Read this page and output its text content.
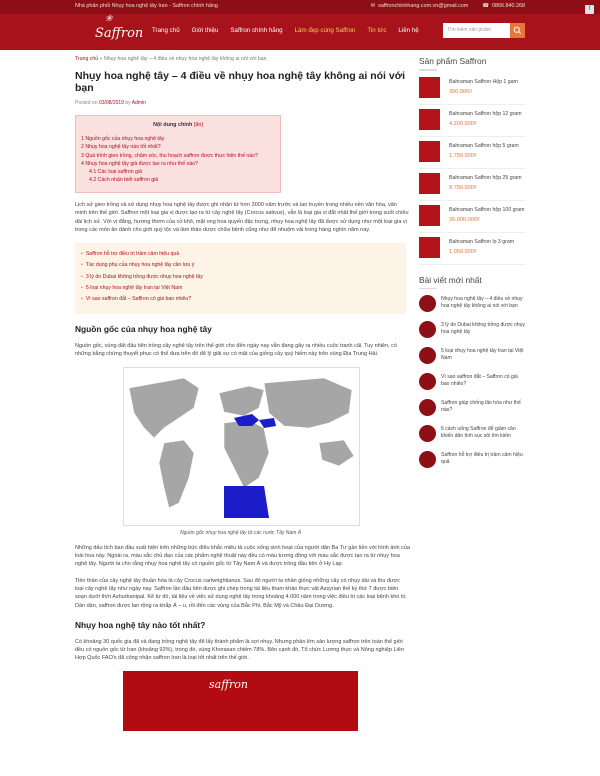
Nhà phân phối Nhụy hoa nghệ tây Iran - Saffron chính hãng	✉ saffronchinhhang.com.vn@gmail.com	☎ 0866.840.268	f
❀
Saffron Trang chủ Giới thiệu Saffron chính hãng Làm đẹp cùng Saffron Tin tức Liên hệ	Tìm kiếm sản phẩm
Trang chủ » Nhụy hoa nghệ tây – 4 điều về nhụy hoa nghệ tây không ai nói với bạn
Nhụy hoa nghệ tây – 4 điều về nhụy hoa nghệ tây không ai nói với bạn
Posted on 03/08/2019 by Admin
Nội dung chính [ẩn]
1 Nguồn gốc của nhụy hoa nghệ tây
2 Nhụy hoa nghệ tây nào tốt nhất?
3 Quá trình gieo trồng, chăm sóc, thu hoạch saffron được thực hiện thế nào?
4 Nhụy hoa nghệ tây giả được tạo ra như thế nào?
4.1 Các loại saffron giả
4.2 Cách nhận biết saffron giả

Lịch sử gieo trồng và sử dụng nhụy hoa nghệ tây được ghi nhận từ hơn 3000 năm trước và lan truyền trong nhiều nền văn hóa, văn minh trên thế giới. Saffron một loại gia vị được tạo ra từ cây nghệ tây (Crocus sativus), vẫn là loại gia vị đắt nhất thế giới trong suốt chiều dài lịch sử. Với vị đắng, hương thơm của cỏ khô, mặt ong hoa quyến đặc trưng, nhụy hoa nghệ tây đã được sử dụng như một loại gia vị trong các món ăn dành cho giới quý tộc và làm thảo dược chữa bệnh cũng như để nhuộm vải trong hàng nghìn năm nay.

▪ Saffron hỗ trợ điều trị trầm cảm hiệu quả
▪ Tác dụng phụ của nhụy hoa nghệ tây cần lưu ý
▪ 3 lý do Dubai không trồng được nhụy hoa nghệ tây
▪ 5 loại nhụy hoa nghệ tây Iran tại Việt Nam
▪ Vì sao saffron đắt – Saffron có giá bao nhiêu?
Nguồn gốc của nhụy hoa nghệ tây

Nguồn gốc, vùng đất đầu tiên trồng cây nghệ tây trên thế giới cho đến ngày nay vẫn đang gây ra nhiều cuộc tranh cãi. Tuy nhiên, có những bằng chứng thuyết phục có thể đưa trên đồ để lý giải sự có mặt của giống cây quý hiếm này trên vùng Địa Trung Hải.

Nguồn gốc nhụy hoa nghệ tây từ các nước Tây Nam Á

Những dấu tích ban đầu xuất hiện trên những bức điêu khắc miêu tả cuộc sống sinh hoạt của người dân Ba Tư gần liền với hình ảnh của loài hoa này. Ngoài ra, màu sắc chủ đạo của các phẩm nghệ thuật này đều có màu tương đồng với màu sắc được tạo ra từ nhụy hoa nghệ tây. Người ta cho rằng nhụy hoa nghệ tây có nguồn gốc từ Tây Nam Á và được trồng đầu tiên ở Hy Lạp.

Tiền thân của cây nghệ tây thuần hóa là cây Crocus cartwrightianus. Sau đó người ta nhân giống những cây có nhụy dài và thu được loại cây nghệ tây như ngày nay. Saffron lần đầu tiên được ghi chép trong tài liệu tham khảo thực vật Assyrian thế kỷ thứ 7 được biên soạn dưới thời Ashurbanipal. Kể từ đó, tài liệu về việc sử dụng nghệ tây trong khoảng 4.000 năm trong việc điều trị các loại bệnh khó trị. Dần dần, saffron được lan rộng ra khắp Á – u, rồi đến các vùng của Bắc Phi, Bắc Mỹ và Châu Đại Dương.

Nhụy hoa nghệ tây nào tốt nhất?

Có khoảng 30 quốc gia đã và đang trồng nghệ tây để lấy thành phẩm là sợi nhụy. Nhưng phần lớn sản lượng saffron trên toàn thế giới đều có nguồn gốc từ Iran (khoảng 92%), trong đó, vùng Khorasan chiếm 78%. Bên cạnh đó, Tổ chức Lương thực và Nông nghiệp Liên Hợp Quốc FAO's đã công nhận saffron Iran là loại tốt nhất trên thế giới.

saffron
Sản phẩm Saffron
Bahraman Saffron Hộp 1 gam
350.000₫
Bahraman Saffron hộp 12 gram
4.200.000₫
Bahraman Saffron hộp 5 gram
1.750.000₫
Bahraman Saffron hộp 25 gram
8.750.000₫
Bahraman Saffron hộp 100 gram
35.000.000₫
Bahraman Saffron lọ 3 gram
1.050.000₫
Bài viết mới nhất
Nhụy hoa nghệ tây – 4 điều về nhụy hoa nghệ tây không ai nói với bạn
3 lý do Dubai không trồng được nhụy hoa nghệ tây
5 loại nhụy hoa nghệ tây Iran tại Việt Nam
Vì sao saffron đắt – Saffron có giá bao nhiêu?
Saffron giúp chống lão hóa như thế nào?
5 cách uống Saffron để giảm cân khiến dân tình sục sôi tìm kiếm
Saffron hỗ trợ điều trị trầm cảm hiệu quả
